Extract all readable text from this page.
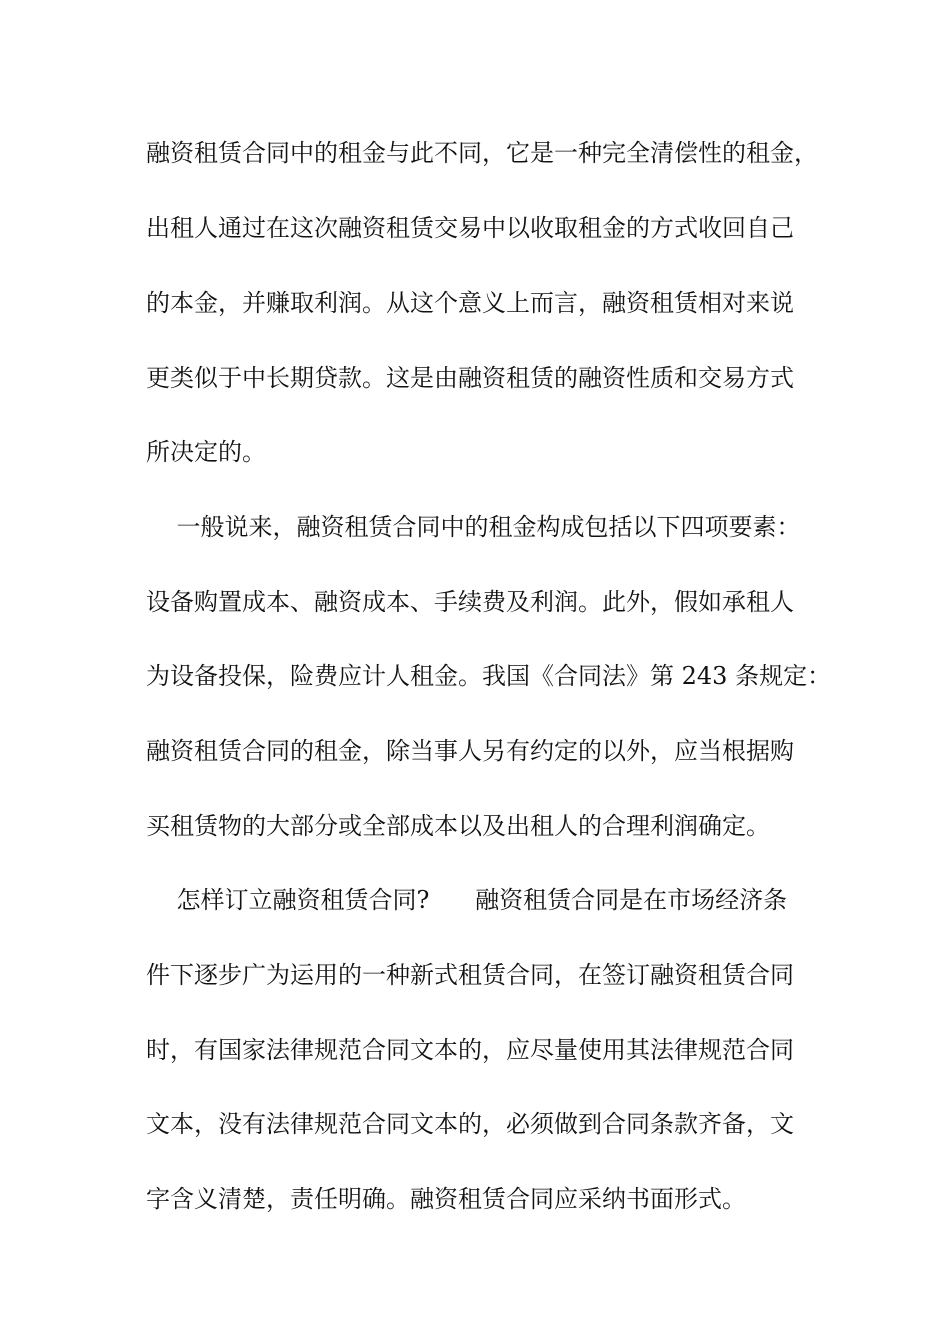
融资租赁合同中的租金与此不同，它是一种完全清偿性的租金，
出租人通过在这次融资租赁交易中以收取租金的方式收回自己
的本金，并赚取利润。从这个意义上而言，融资租赁相对来说
更类似于中长期贷款。这是由融资租赁的融资性质和交易方式
所决定的。
一般说来，融资租赁合同中的租金构成包括以下四项要素：
设备购置成本、融资成本、手续费及利润。此外，假如承租人
为设备投保，险费应计人租金。我国《合同法》第 243 条规定：
融资租赁合同的租金，除当事人另有约定的以外，应当根据购
买租赁物的大部分或全部成本以及出租人的合理利润确定。
怎样订立融资租赁合同?      融资租赁合同是在市场经济条
件下逐步广为运用的一种新式租赁合同，在签订融资租赁合同
时，有国家法律规范合同文本的，应尽量使用其法律规范合同
文本，没有法律规范合同文本的，必须做到合同条款齐备，文
字含义清楚，责任明确。融资租赁合同应采纳书面形式。
